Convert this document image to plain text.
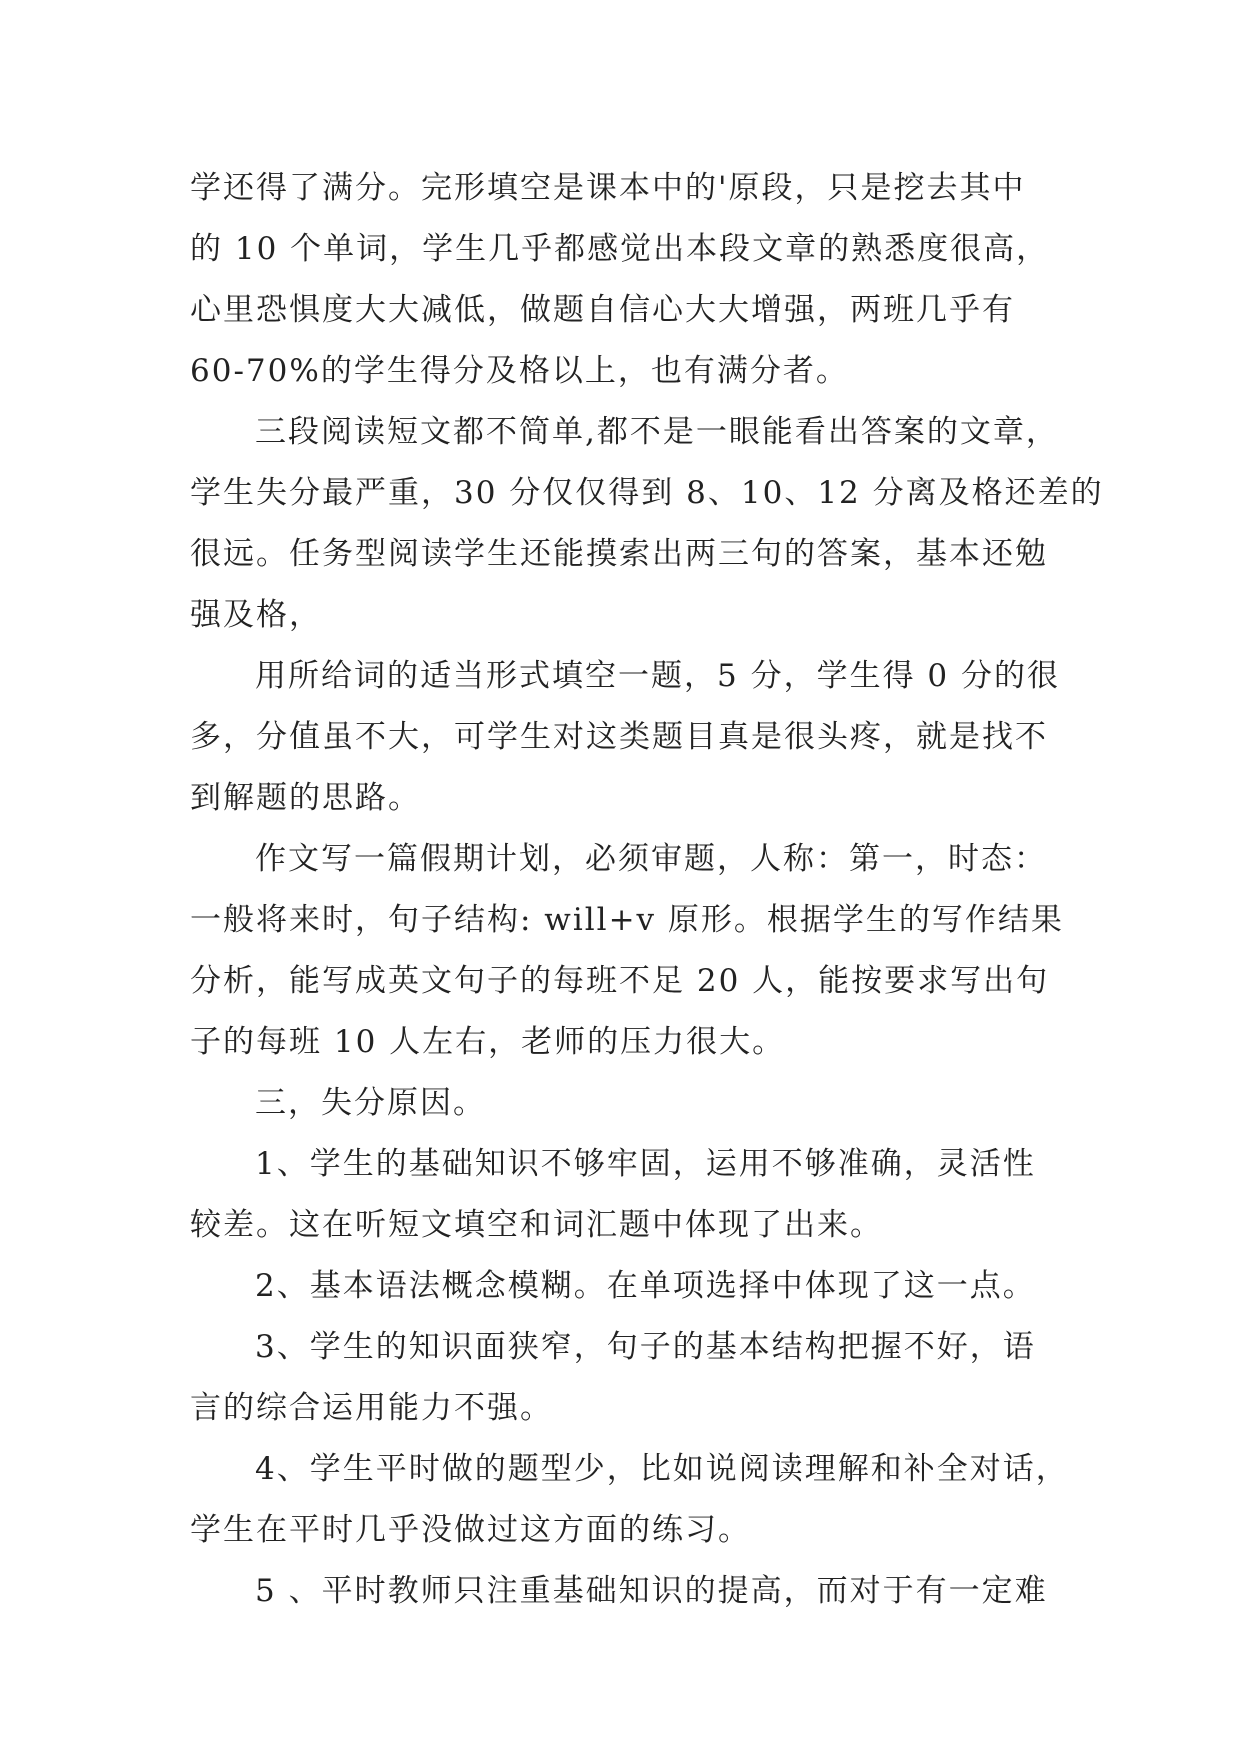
学还得了满分。完形填空是课本中的'原段，只是挖去其中
的 10 个单词，学生几乎都感觉出本段文章的熟悉度很高，
心里恐惧度大大减低，做题自信心大大增强，两班几乎有
60-70%的学生得分及格以上，也有满分者。
三段阅读短文都不简单,都不是一眼能看出答案的文章，
学生失分最严重，30 分仅仅得到 8、10、12 分离及格还差的
很远。任务型阅读学生还能摸索出两三句的答案，基本还勉
强及格，
用所给词的适当形式填空一题，5 分，学生得 0 分的很
多，分值虽不大，可学生对这类题目真是很头疼，就是找不
到解题的思路。
作文写一篇假期计划，必须审题，人称：第一，时态：
一般将来时，句子结构: will+v 原形。根据学生的写作结果
分析，能写成英文句子的每班不足 20 人，能按要求写出句
子的每班 10 人左右，老师的压力很大。
三，失分原因。
1、学生的基础知识不够牢固，运用不够准确，灵活性
较差。这在听短文填空和词汇题中体现了出来。
2、基本语法概念模糊。在单项选择中体现了这一点。
3、学生的知识面狭窄，句子的基本结构把握不好，语
言的综合运用能力不强。
4、学生平时做的题型少，比如说阅读理解和补全对话，
学生在平时几乎没做过这方面的练习。
5 、平时教师只注重基础知识的提高，而对于有一定难
